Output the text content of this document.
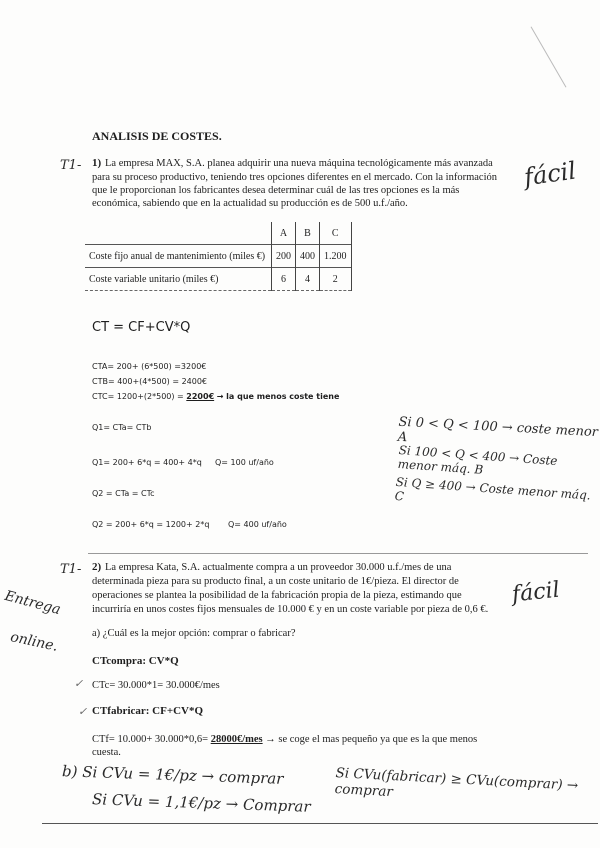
ANALISIS DE COSTES.
T1- 1) La empresa MAX, S.A. planea adquirir una nueva máquina tecnológicamente más avanzada
para su proceso productivo, teniendo tres opciones diferentes en el mercado. Con la información
que le proporcionan los fabricantes desea determinar cuál de las tres opciones es la más
económica, sabiendo que en la actualidad su producción es de 500 u.f./año.
fácil
	A	B	C
Coste fijo anual de mantenimiento (miles €)	200	400	1.200
Coste variable unitario (miles €)	6	4	2
CT = CF+CV*Q
CTA= 200+ (6*500) =3200€
CTB= 400+(4*500) = 2400€
CTC= 1200+(2*500) = 2200€ → la que menos coste tiene
Q1= CTa= CTb
Q1= 200+ 6*q = 400+ 4*q Q= 100 uf/año
Q2 = CTa = CTc
Q2 = 200+ 6*q = 1200+ 2*q Q= 400 uf/año
Si 0 < Q < 100 → coste menor A
Si 100 < Q < 400 → Coste menor máq. B
Si Q ≥ 400 → Coste menor máq. C
T1- 2) La empresa Kata, S.A. actualmente compra a un proveedor 30.000 u.f./mes de una
determinada pieza para su producto final, a un coste unitario de 1€/pieza. El director de
operaciones se plantea la posibilidad de la fabricación propia de la pieza, estimando que
incurriría en unos costes fijos mensuales de 10.000 € y en un coste variable por pieza de 0,6 €.
fácil
Entrega
online.	a) ¿Cuál es la mejor opción: comprar o fabricar?
CTcompra: CV*Q
✓ CTc= 30.000*1= 30.000€/mes
✓ CTfabricar: CF+CV*Q
CTf= 10.000+ 30.000*0,6= 28000€/mes → se coge el mas pequeño ya que es la que menos
cuesta.
b) Si CVu = 1€/pz → comprar
Si CVu = 1,1€/pz → Comprar
Si CVu(fabricar) ≥ CVu(comprar) → comprar
